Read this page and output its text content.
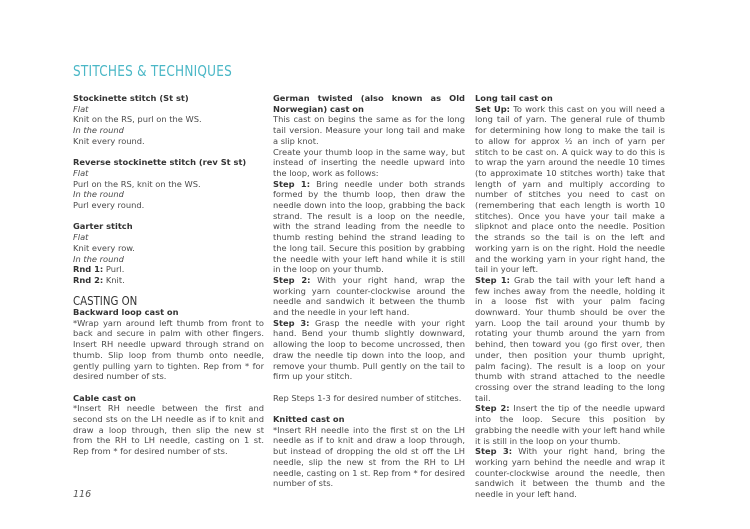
STITCHES & TECHNIQUES

Stockinette stitch (St st)

Flat

Knit on the RS, purl on the WS.

In the round

Knit every round.

Reverse stockinette stitch (rev St st)

Flat

Purl on the RS, knit on the WS.

In the round

Purl every round.

Garter stitch

Flat

Knit every row.

In the round

Rnd 1: Purl.

Rnd 2: Knit.

CASTING ON

Backward loop cast on

*Wrap yarn around left thumb from front to back and secure in palm with other fingers. Insert RH needle upward through strand on thumb. Slip loop from thumb onto needle, gently pulling yarn to tighten. Rep from * for desired number of sts.

Cable cast on

*Insert RH needle between the first and second sts on the LH needle as if to knit and draw a loop through, then slip the new st from the RH to LH needle, casting on 1 st. Rep from * for desired number of sts.

German twisted (also known as Old Norwegian) cast on

This cast on begins the same as for the long tail version. Measure your long tail and make a slip knot.

Create your thumb loop in the same way, but instead of inserting the needle upward into the loop, work as follows:

Step 1: Bring needle under both strands formed by the thumb loop, then draw the needle down into the loop, grabbing the back strand. The result is a loop on the needle, with the strand leading from the needle to thumb resting behind the strand leading to the long tail. Secure this position by grabbing the needle with your left hand while it is still in the loop on your thumb.

Step 2: With your right hand, wrap the working yarn counter-clockwise around the needle and sandwich it between the thumb and the needle in your left hand.

Step 3: Grasp the needle with your right hand. Bend your thumb slightly downward, allowing the loop to become uncrossed, then draw the needle tip down into the loop, and remove your thumb. Pull gently on the tail to firm up your stitch.

Rep Steps 1-3 for desired number of stitches.

Knitted cast on

*Insert RH needle into the first st on the LH needle as if to knit and draw a loop through, but instead of dropping the old st off the LH needle, slip the new st from the RH to LH needle, casting on 1 st. Rep from * for desired number of sts.

Long tail cast on

Set Up: To work this cast on you will need a long tail of yarn. The general rule of thumb for determining how long to make the tail is to allow for approx ½ an inch of yarn per stitch to be cast on. A quick way to do this is to wrap the yarn around the needle 10 times (to approximate 10 stitches worth) take that length of yarn and multiply according to number of stitches you need to cast on (remembering that each length is worth 10 stitches). Once you have your tail make a slipknot and place onto the needle. Position the strands so the tail is on the left and working yarn is on the right. Hold the needle and the working yarn in your right hand, the tail in your left.

Step 1: Grab the tail with your left hand a few inches away from the needle, holding it in a loose fist with your palm facing downward. Your thumb should be over the yarn. Loop the tail around your thumb by rotating your thumb around the yarn from behind, then toward you (go first over, then under, then position your thumb upright, palm facing). The result is a loop on your thumb with strand attached to the needle crossing over the strand leading to the long tail.

Step 2: Insert the tip of the needle upward into the loop. Secure this position by grabbing the needle with your left hand while it is still in the loop on your thumb.

Step 3: With your right hand, bring the working yarn behind the needle and wrap it counter-clockwise around the needle, then sandwich it between the thumb and the needle in your left hand.

116
